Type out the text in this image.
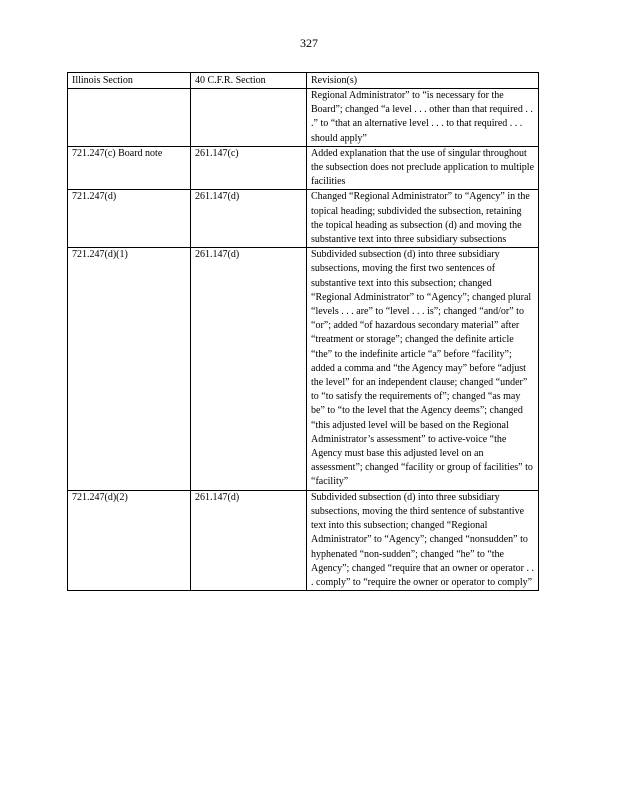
327
Illinois Section	40 C.F.R. Section	Revision(s)
		Regional Administrator” to “is necessary for the Board”; changed “a level . . . other than that required . . .” to “that an alternative level . . . to that required . . . should apply”
721.247(c) Board note	261.147(c)	Added explanation that the use of singular throughout the subsection does not preclude application to multiple facilities
721.247(d)	261.147(d)	Changed “Regional Administrator” to “Agency” in the topical heading; subdivided the subsection, retaining the topical heading as subsection (d) and moving the substantive text into three subsidiary subsections
721.247(d)(1)	261.147(d)	Subdivided subsection (d) into three subsidiary subsections, moving the first two sentences of substantive text into this subsection; changed “Regional Administrator” to “Agency”; changed plural “levels . . . are” to “level . . . is”; changed “and/or” to “or”; added “of hazardous secondary material” after “treatment or storage”; changed the definite article “the” to the indefinite article “a” before “facility”; added a comma and “the Agency may” before “adjust the level” for an independent clause; changed “under” to “to satisfy the requirements of”; changed “as may be” to “to the level that the Agency deems”; changed “this adjusted level will be based on the Regional Administrator’s assessment” to active-voice “the Agency must base this adjusted level on an assessment”; changed “facility or group of facilities” to “facility”
721.247(d)(2)	261.147(d)	Subdivided subsection (d) into three subsidiary subsections, moving the third sentence of substantive text into this subsection; changed “Regional Administrator” to “Agency”; changed “nonsudden” to hyphenated “non-sudden”; changed “he” to “the Agency”; changed “require that an owner or operator . . . comply” to “require the owner or operator to comply”
